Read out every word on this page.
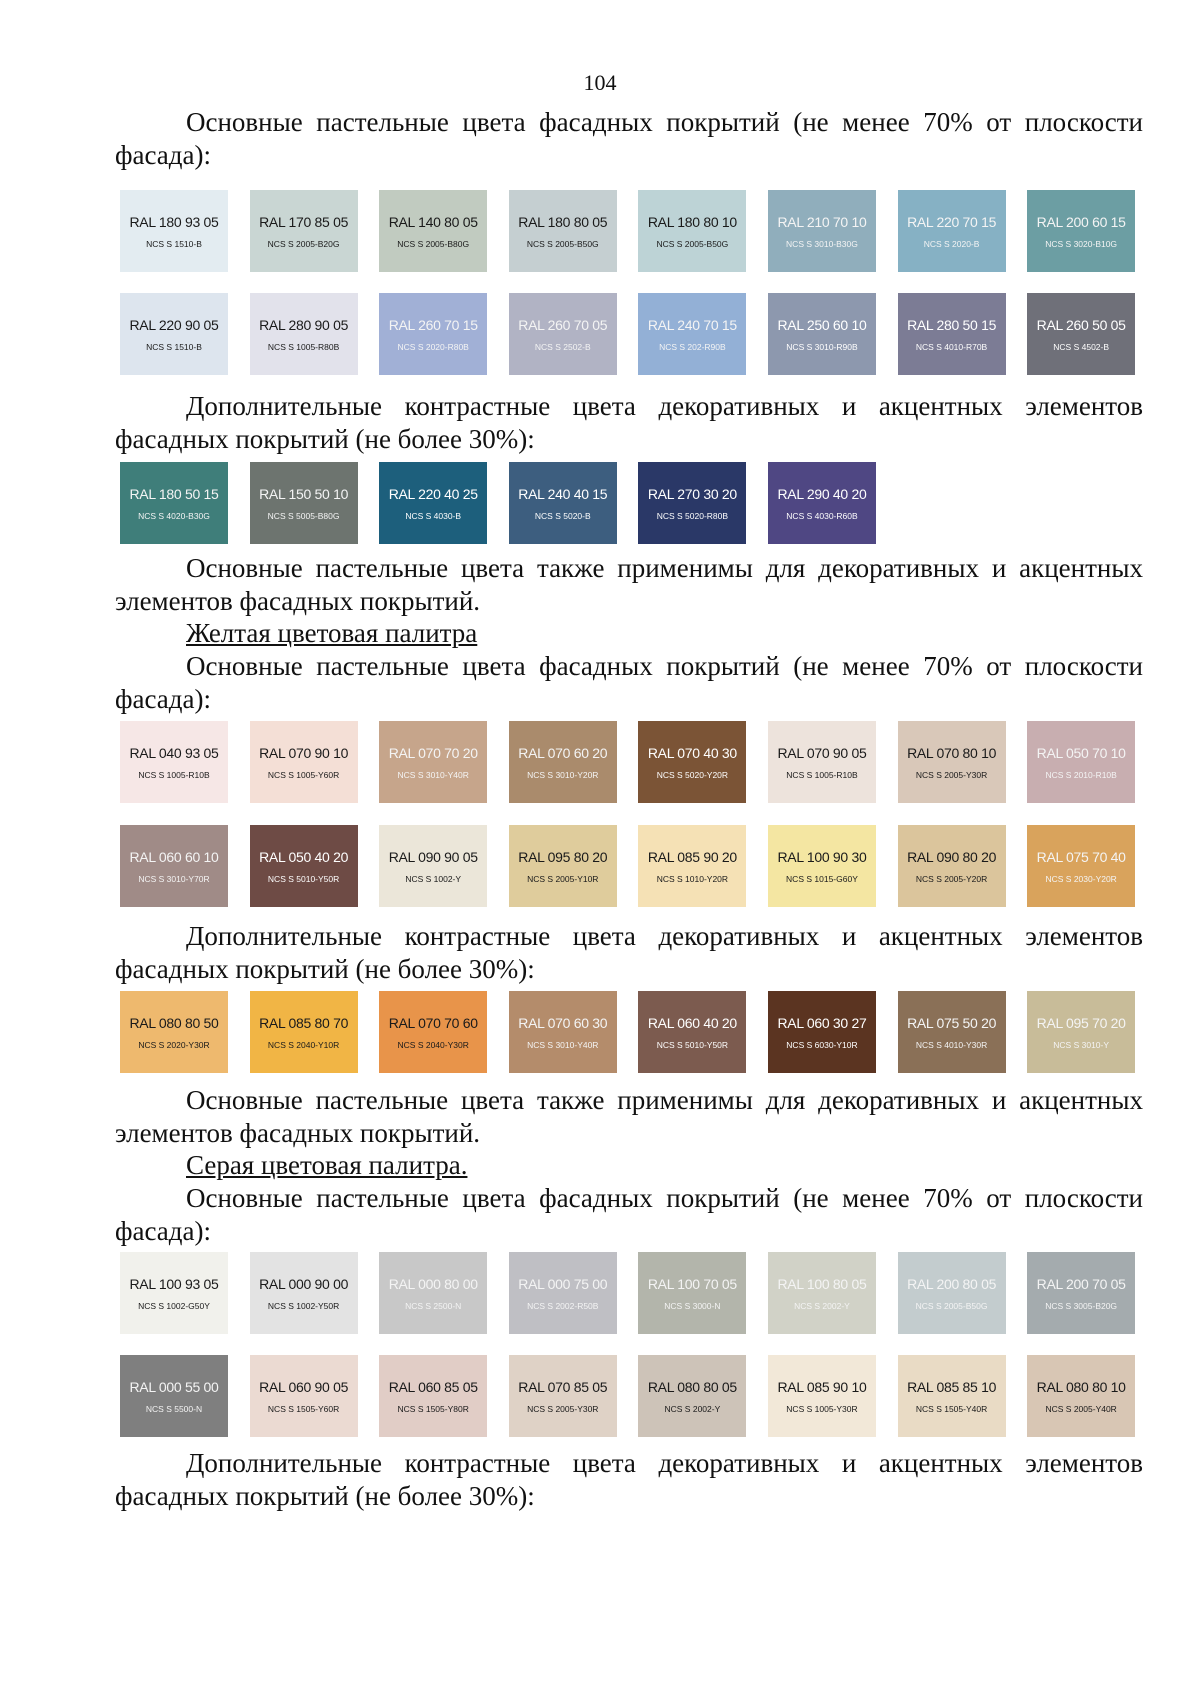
104
Основные пастельные цвета фасадных покрытий (не менее 70% от плоскости фасада):
RAL 180 93 05
NCS S 1510-B
RAL 170 85 05
NCS S 2005-B20G
RAL 140 80 05
NCS S 2005-B80G
RAL 180 80 05
NCS S 2005-B50G
RAL 180 80 10
NCS S 2005-B50G
RAL 210 70 10
NCS S 3010-B30G
RAL 220 70 15
NCS S 2020-B
RAL 200 60 15
NCS S 3020-B10G
RAL 220 90 05
NCS S 1510-B
RAL 280 90 05
NCS S 1005-R80B
RAL 260 70 15
NCS S 2020-R80B
RAL 260 70 05
NCS S 2502-B
RAL 240 70 15
NCS S 202-R90B
RAL 250 60 10
NCS S 3010-R90B
RAL 280 50 15
NCS S 4010-R70B
RAL 260 50 05
NCS S 4502-B
Дополнительные контрастные цвета декоративных и акцентных элементов фасадных покрытий (не более 30%):
RAL 180 50 15
NCS S 4020-B30G
RAL 150 50 10
NCS S 5005-B80G
RAL 220 40 25
NCS S 4030-B
RAL 240 40 15
NCS S 5020-B
RAL 270 30 20
NCS S 5020-R80B
RAL 290 40 20
NCS S 4030-R60B
Основные пастельные цвета также применимы для декоративных и акцентных элементов фасадных покрытий.
Желтая цветовая палитра
Основные пастельные цвета фасадных покрытий (не менее 70% от плоскости фасада):
RAL 040 93 05
NCS S 1005-R10B
RAL 070 90 10
NCS S 1005-Y60R
RAL 070 70 20
NCS S 3010-Y40R
RAL 070 60 20
NCS S 3010-Y20R
RAL 070 40 30
NCS S 5020-Y20R
RAL 070 90 05
NCS S 1005-R10B
RAL 070 80 10
NCS S 2005-Y30R
RAL 050 70 10
NCS S 2010-R10B
RAL 060 60 10
NCS S 3010-Y70R
RAL 050 40 20
NCS S 5010-Y50R
RAL 090 90 05
NCS S 1002-Y
RAL 095 80 20
NCS S 2005-Y10R
RAL 085 90 20
NCS S 1010-Y20R
RAL 100 90 30
NCS S 1015-G60Y
RAL 090 80 20
NCS S 2005-Y20R
RAL 075 70 40
NCS S 2030-Y20R
Дополнительные контрастные цвета декоративных и акцентных элементов фасадных покрытий (не более 30%):
RAL 080 80 50
NCS S 2020-Y30R
RAL 085 80 70
NCS S 2040-Y10R
RAL 070 70 60
NCS S 2040-Y30R
RAL 070 60 30
NCS S 3010-Y40R
RAL 060 40 20
NCS S 5010-Y50R
RAL 060 30 27
NCS S 6030-Y10R
RAL 075 50 20
NCS S 4010-Y30R
RAL 095 70 20
NCS S 3010-Y
Основные пастельные цвета также применимы для декоративных и акцентных элементов фасадных покрытий.
Серая цветовая палитра.
Основные пастельные цвета фасадных покрытий (не менее 70% от плоскости фасада):
RAL 100 93 05
NCS S 1002-G50Y
RAL 000 90 00
NCS S 1002-Y50R
RAL 000 80 00
NCS S 2500-N
RAL 000 75 00
NCS S 2002-R50B
RAL 100 70 05
NCS S 3000-N
RAL 100 80 05
NCS S 2002-Y
RAL 200 80 05
NCS S 2005-B50G
RAL 200 70 05
NCS S 3005-B20G
RAL 000 55 00
NCS S 5500-N
RAL 060 90 05
NCS S 1505-Y60R
RAL 060 85 05
NCS S 1505-Y80R
RAL 070 85 05
NCS S 2005-Y30R
RAL 080 80 05
NCS S 2002-Y
RAL 085 90 10
NCS S 1005-Y30R
RAL 085 85 10
NCS S 1505-Y40R
RAL 080 80 10
NCS S 2005-Y40R
Дополнительные контрастные цвета декоративных и акцентных элементов фасадных покрытий (не более 30%):
